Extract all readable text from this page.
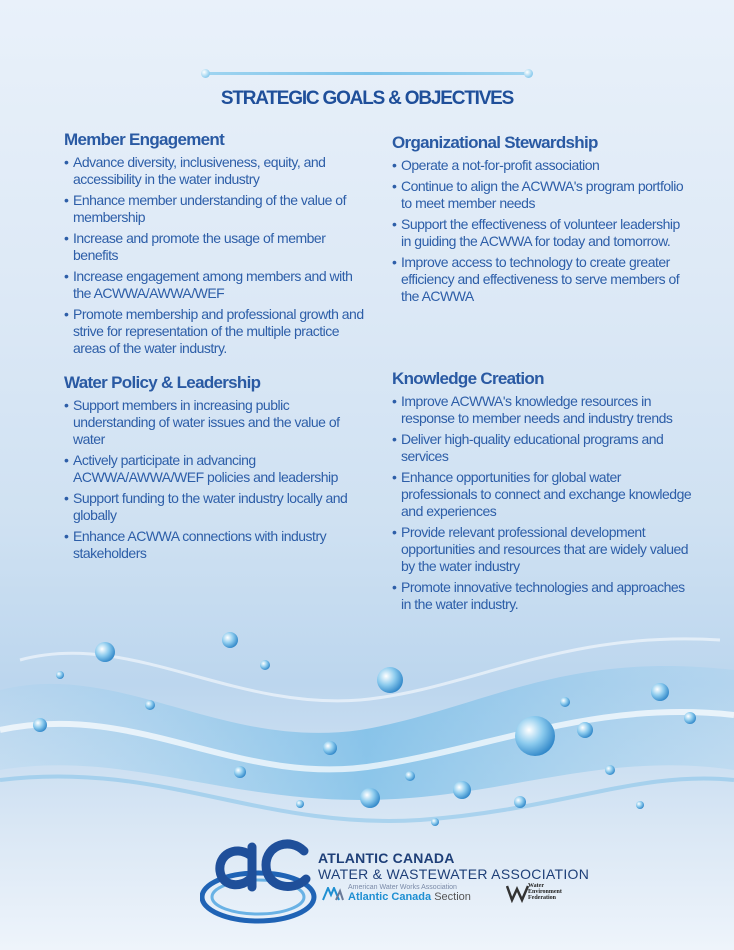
STRATEGIC GOALS & OBJECTIVES
Member Engagement
• Advance diversity, inclusiveness, equity, and accessibility in the water industry
• Enhance member understanding of the value of membership
• Increase and promote the usage of member benefits
• Increase engagement among members and with the ACWWA/AWWA/WEF
• Promote membership and professional growth and strive for representation of the multiple practice areas of the water industry.
Water Policy & Leadership
• Support members in increasing public understanding of water issues and the value of water
• Actively participate in advancing ACWWA/AWWA/WEF policies and leadership
• Support funding to the water industry locally and globally
• Enhance ACWWA connections with industry stakeholders
Organizational Stewardship
• Operate a not-for-profit association
• Continue to align the ACWWA's program portfolio to meet member needs
• Support the effectiveness of volunteer leadership in guiding the ACWWA for today and tomorrow.
• Improve access to technology to create greater efficiency and effectiveness to serve members of the ACWWA
Knowledge Creation
• Improve ACWWA's knowledge resources in response to member needs and industry trends
• Deliver high-quality educational programs and services
• Enhance opportunities for global water professionals to connect and exchange knowledge and experiences
• Provide relevant professional development opportunities and resources that are widely valued by the water industry
• Promote innovative technologies and approaches in the water industry.
ATLANTIC CANADA
WATER & WASTEWATER ASSOCIATION
American Water Works Association
Atlantic Canada Section
Water Environment Federation
